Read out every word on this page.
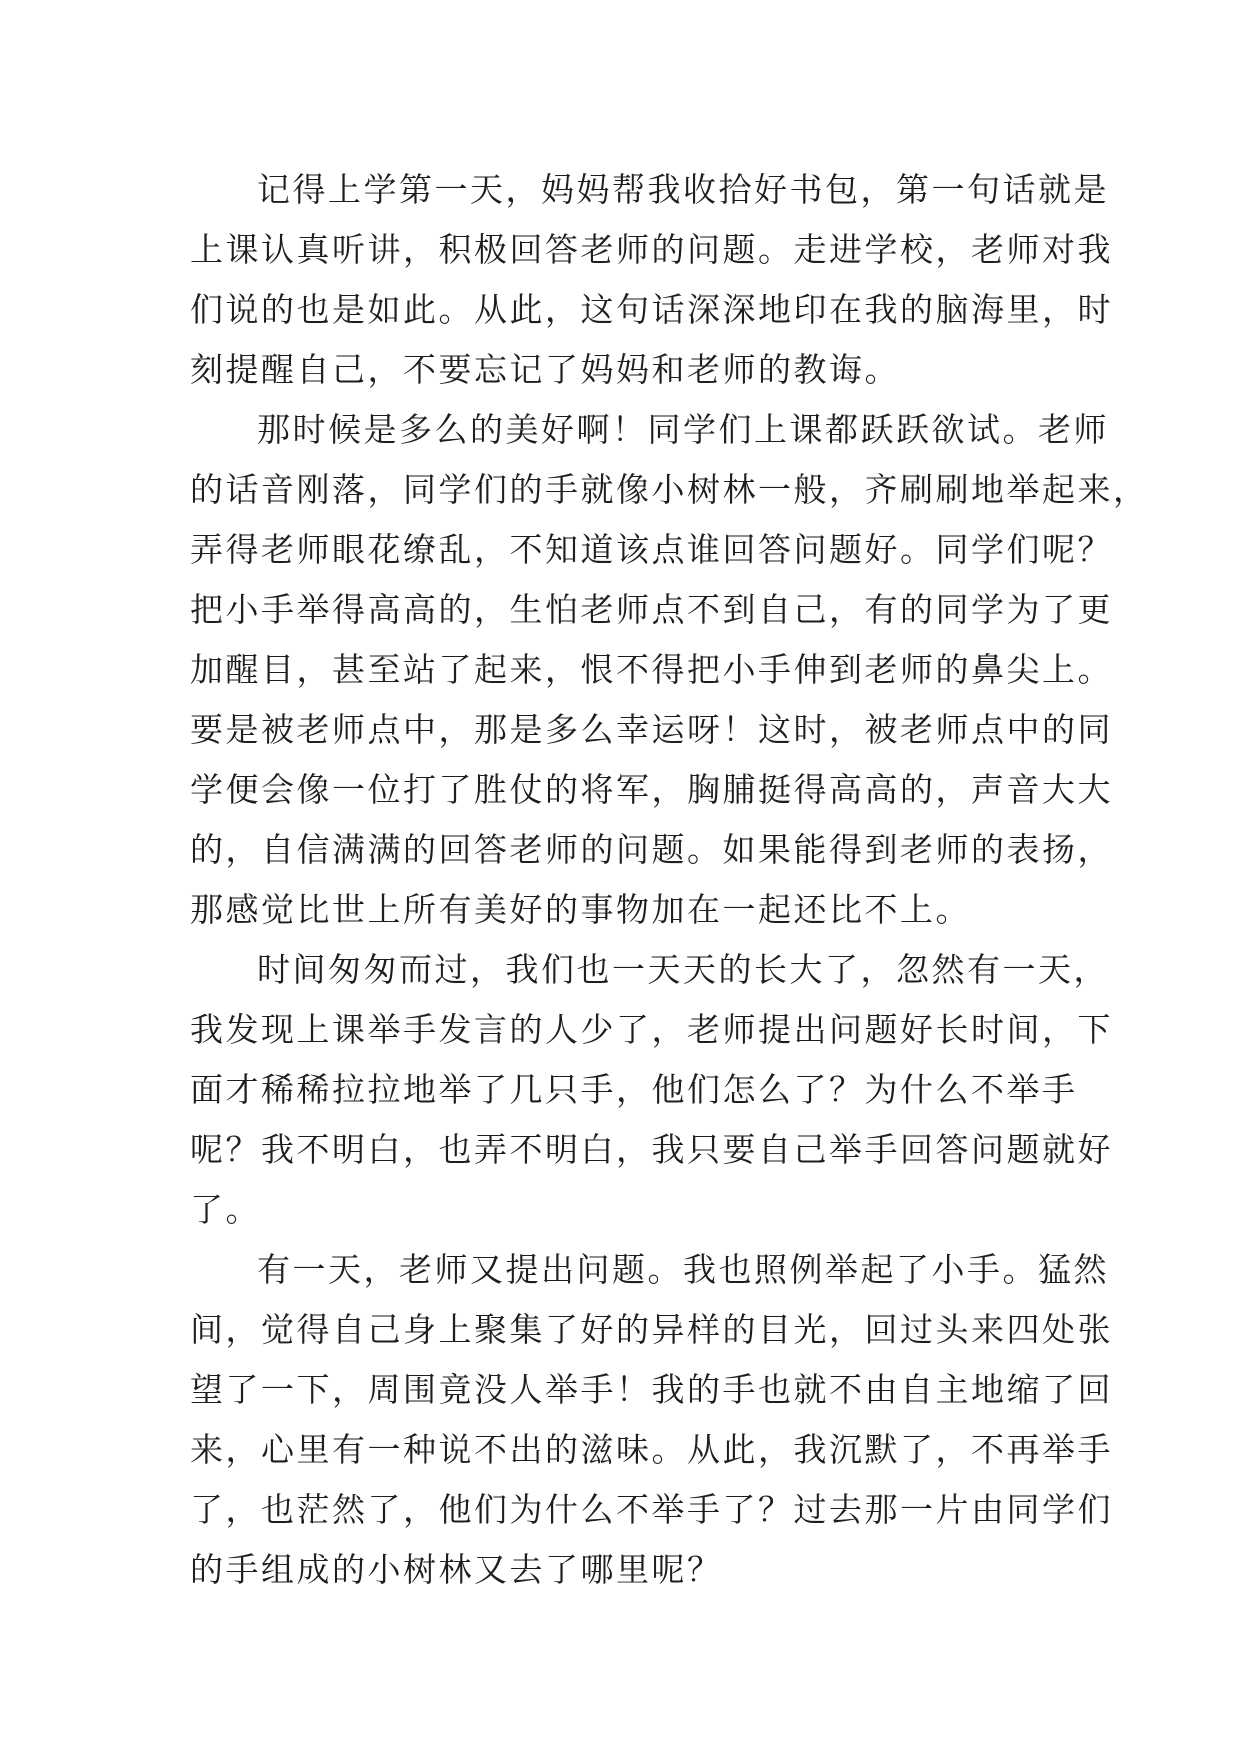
记得上学第一天，妈妈帮我收拾好书包，第一句话就是
上课认真听讲，积极回答老师的问题。走进学校，老师对我
们说的也是如此。从此，这句话深深地印在我的脑海里，时
刻提醒自己，不要忘记了妈妈和老师的教诲。
那时候是多么的美好啊！同学们上课都跃跃欲试。老师
的话音刚落，同学们的手就像小树林一般，齐刷刷地举起来，
弄得老师眼花缭乱，不知道该点谁回答问题好。同学们呢？
把小手举得高高的，生怕老师点不到自己，有的同学为了更
加醒目，甚至站了起来，恨不得把小手伸到老师的鼻尖上。
要是被老师点中，那是多么幸运呀！这时，被老师点中的同
学便会像一位打了胜仗的将军，胸脯挺得高高的，声音大大
的，自信满满的回答老师的问题。如果能得到老师的表扬，
那感觉比世上所有美好的事物加在一起还比不上。
时间匆匆而过，我们也一天天的长大了，忽然有一天，
我发现上课举手发言的人少了，老师提出问题好长时间，下
面才稀稀拉拉地举了几只手，他们怎么了？为什么不举手
呢？我不明白，也弄不明白，我只要自己举手回答问题就好
了。
有一天，老师又提出问题。我也照例举起了小手。猛然
间，觉得自己身上聚集了好的异样的目光，回过头来四处张
望了一下，周围竟没人举手！我的手也就不由自主地缩了回
来，心里有一种说不出的滋味。从此，我沉默了，不再举手
了，也茫然了，他们为什么不举手了？过去那一片由同学们
的手组成的小树林又去了哪里呢？
